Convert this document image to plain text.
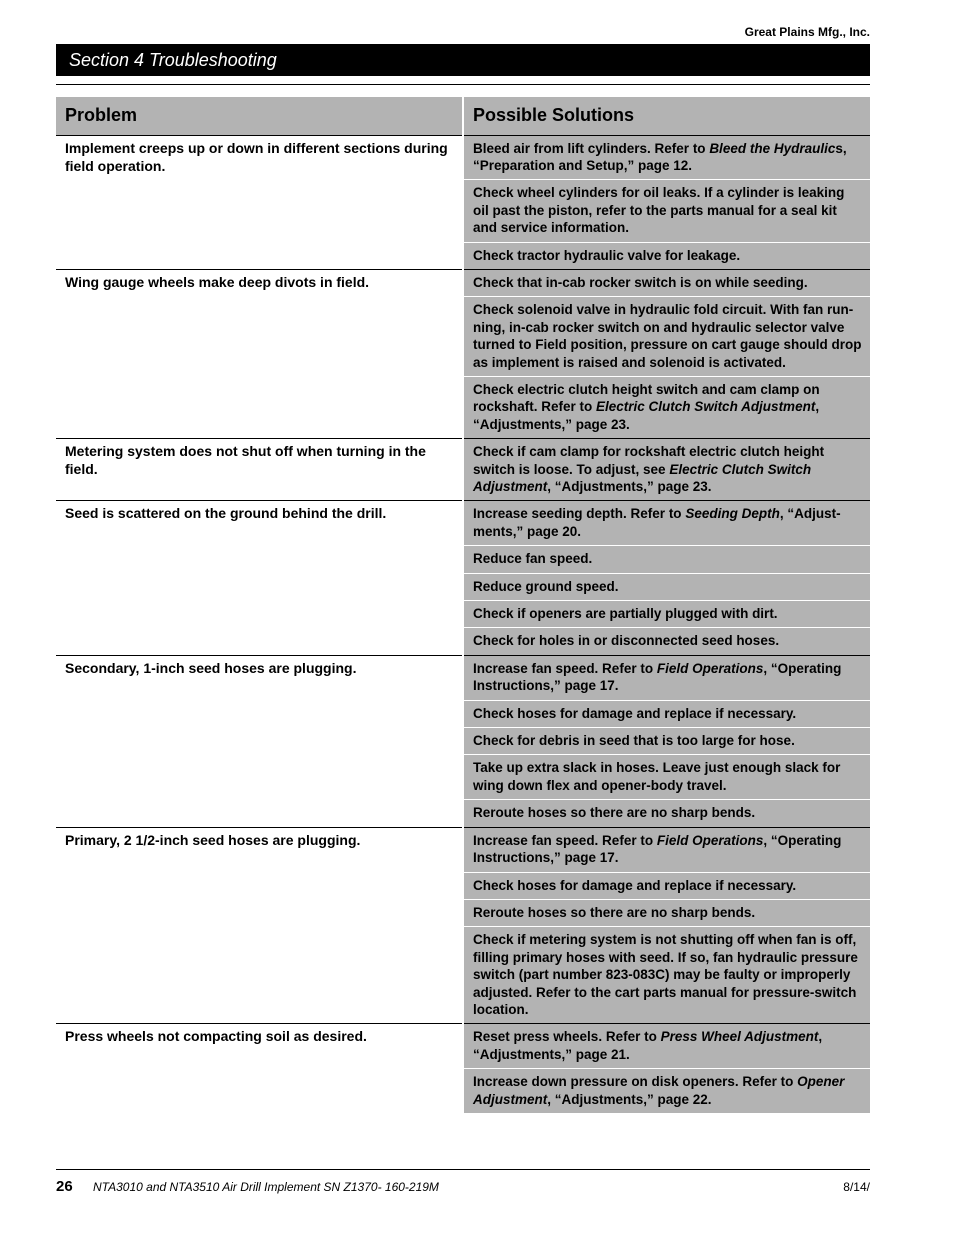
Great Plains Mfg., Inc.
Section 4 Troubleshooting
Problem	Possible Solutions
Implement creeps up or down in different sections during field operation.	Bleed air from lift cylinders. Refer to Bleed the Hydraulics, “Preparation and Setup,” page 12.
	Check wheel cylinders for oil leaks. If a cylinder is leaking oil past the piston, refer to the parts manual for a seal kit and service information.
	Check tractor hydraulic valve for leakage.
Wing gauge wheels make deep divots in field.	Check that in-cab rocker switch is on while seeding.
	Check solenoid valve in hydraulic fold circuit. With fan run- ning, in-cab rocker switch on and hydraulic selector valve turned to Field position, pressure on cart gauge should drop as implement is raised and solenoid is activated.
	Check electric clutch height switch and cam clamp on rockshaft. Refer to Electric Clutch Switch Adjustment, “Adjustments,” page 23.
Metering system does not shut off when turning in the field.	Check if cam clamp for rockshaft electric clutch height switch is loose. To adjust, see Electric Clutch Switch Adjustment, “Adjustments,” page 23.
Seed is scattered on the ground behind the drill.	Increase seeding depth. Refer to Seeding Depth, “Adjust- ments,” page 20.
	Reduce fan speed.
	Reduce ground speed.
	Check if openers are partially plugged with dirt.
	Check for holes in or disconnected seed hoses.
Secondary, 1-inch seed hoses are plugging.	Increase fan speed. Refer to Field Operations, “Operating Instructions,” page 17.
	Check hoses for damage and replace if necessary.
	Check for debris in seed that is too large for hose.
	Take up extra slack in hoses. Leave just enough slack for wing down flex and opener-body travel.
	Reroute hoses so there are no sharp bends.
Primary, 2 1/2-inch seed hoses are plugging.	Increase fan speed. Refer to Field Operations, “Operating Instructions,” page 17.
	Check hoses for damage and replace if necessary.
	Reroute hoses so there are no sharp bends.
	Check if metering system is not shutting off when fan is off, filling primary hoses with seed. If so, fan hydraulic pressure switch (part number 823-083C) may be faulty or improperly adjusted. Refer to the cart parts manual for pressure-switch location.
Press wheels not compacting soil as desired.	Reset press wheels. Refer to Press Wheel Adjustment, “Adjustments,” page 21.
	Increase down pressure on disk openers. Refer to Opener Adjustment, “Adjustments,” page 22.
26 NTA3010 and NTA3510 Air Drill Implement SN Z1370- 160-219M	8/14/
